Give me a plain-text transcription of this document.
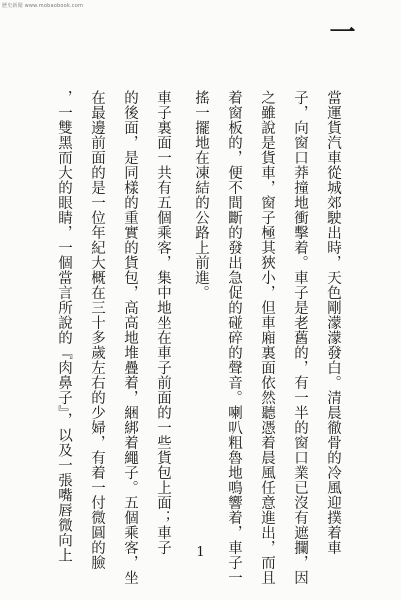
歷史新聞 www.mobaobook.com
一
當運貨汽車從城郊駛出時，天色剛濛濛發白。清晨徹骨的冷風迎撲着車
子，向窗口莽撞地衝擊着。車子是老舊的，有一半的窗口業已沒有遮攔，因
之雖說是貨車，窗子極其狹小，但車廂裏面依然聽憑着晨風任意進出，而且
着窗板的，便不間斷的發出急促的碰碎的聲音。喇叭粗魯地鳴響着，車子一
搖一擺地在凍結的公路上前進。
車子裏面一共有五個乘客，集中地坐在車子前面的一些貨包上面；車子
的後面，是同樣的重實的貨包，高高地堆疊着，綑綁着繩子。五個乘客，坐
在最邊前面的是一位年紀大概在三十多歲左右的少婦，有着一付微圓的臉
，一雙黑而大的眼睛，一個當言所說的『肉鼻子』，以及一張嘴唇微向上	1
